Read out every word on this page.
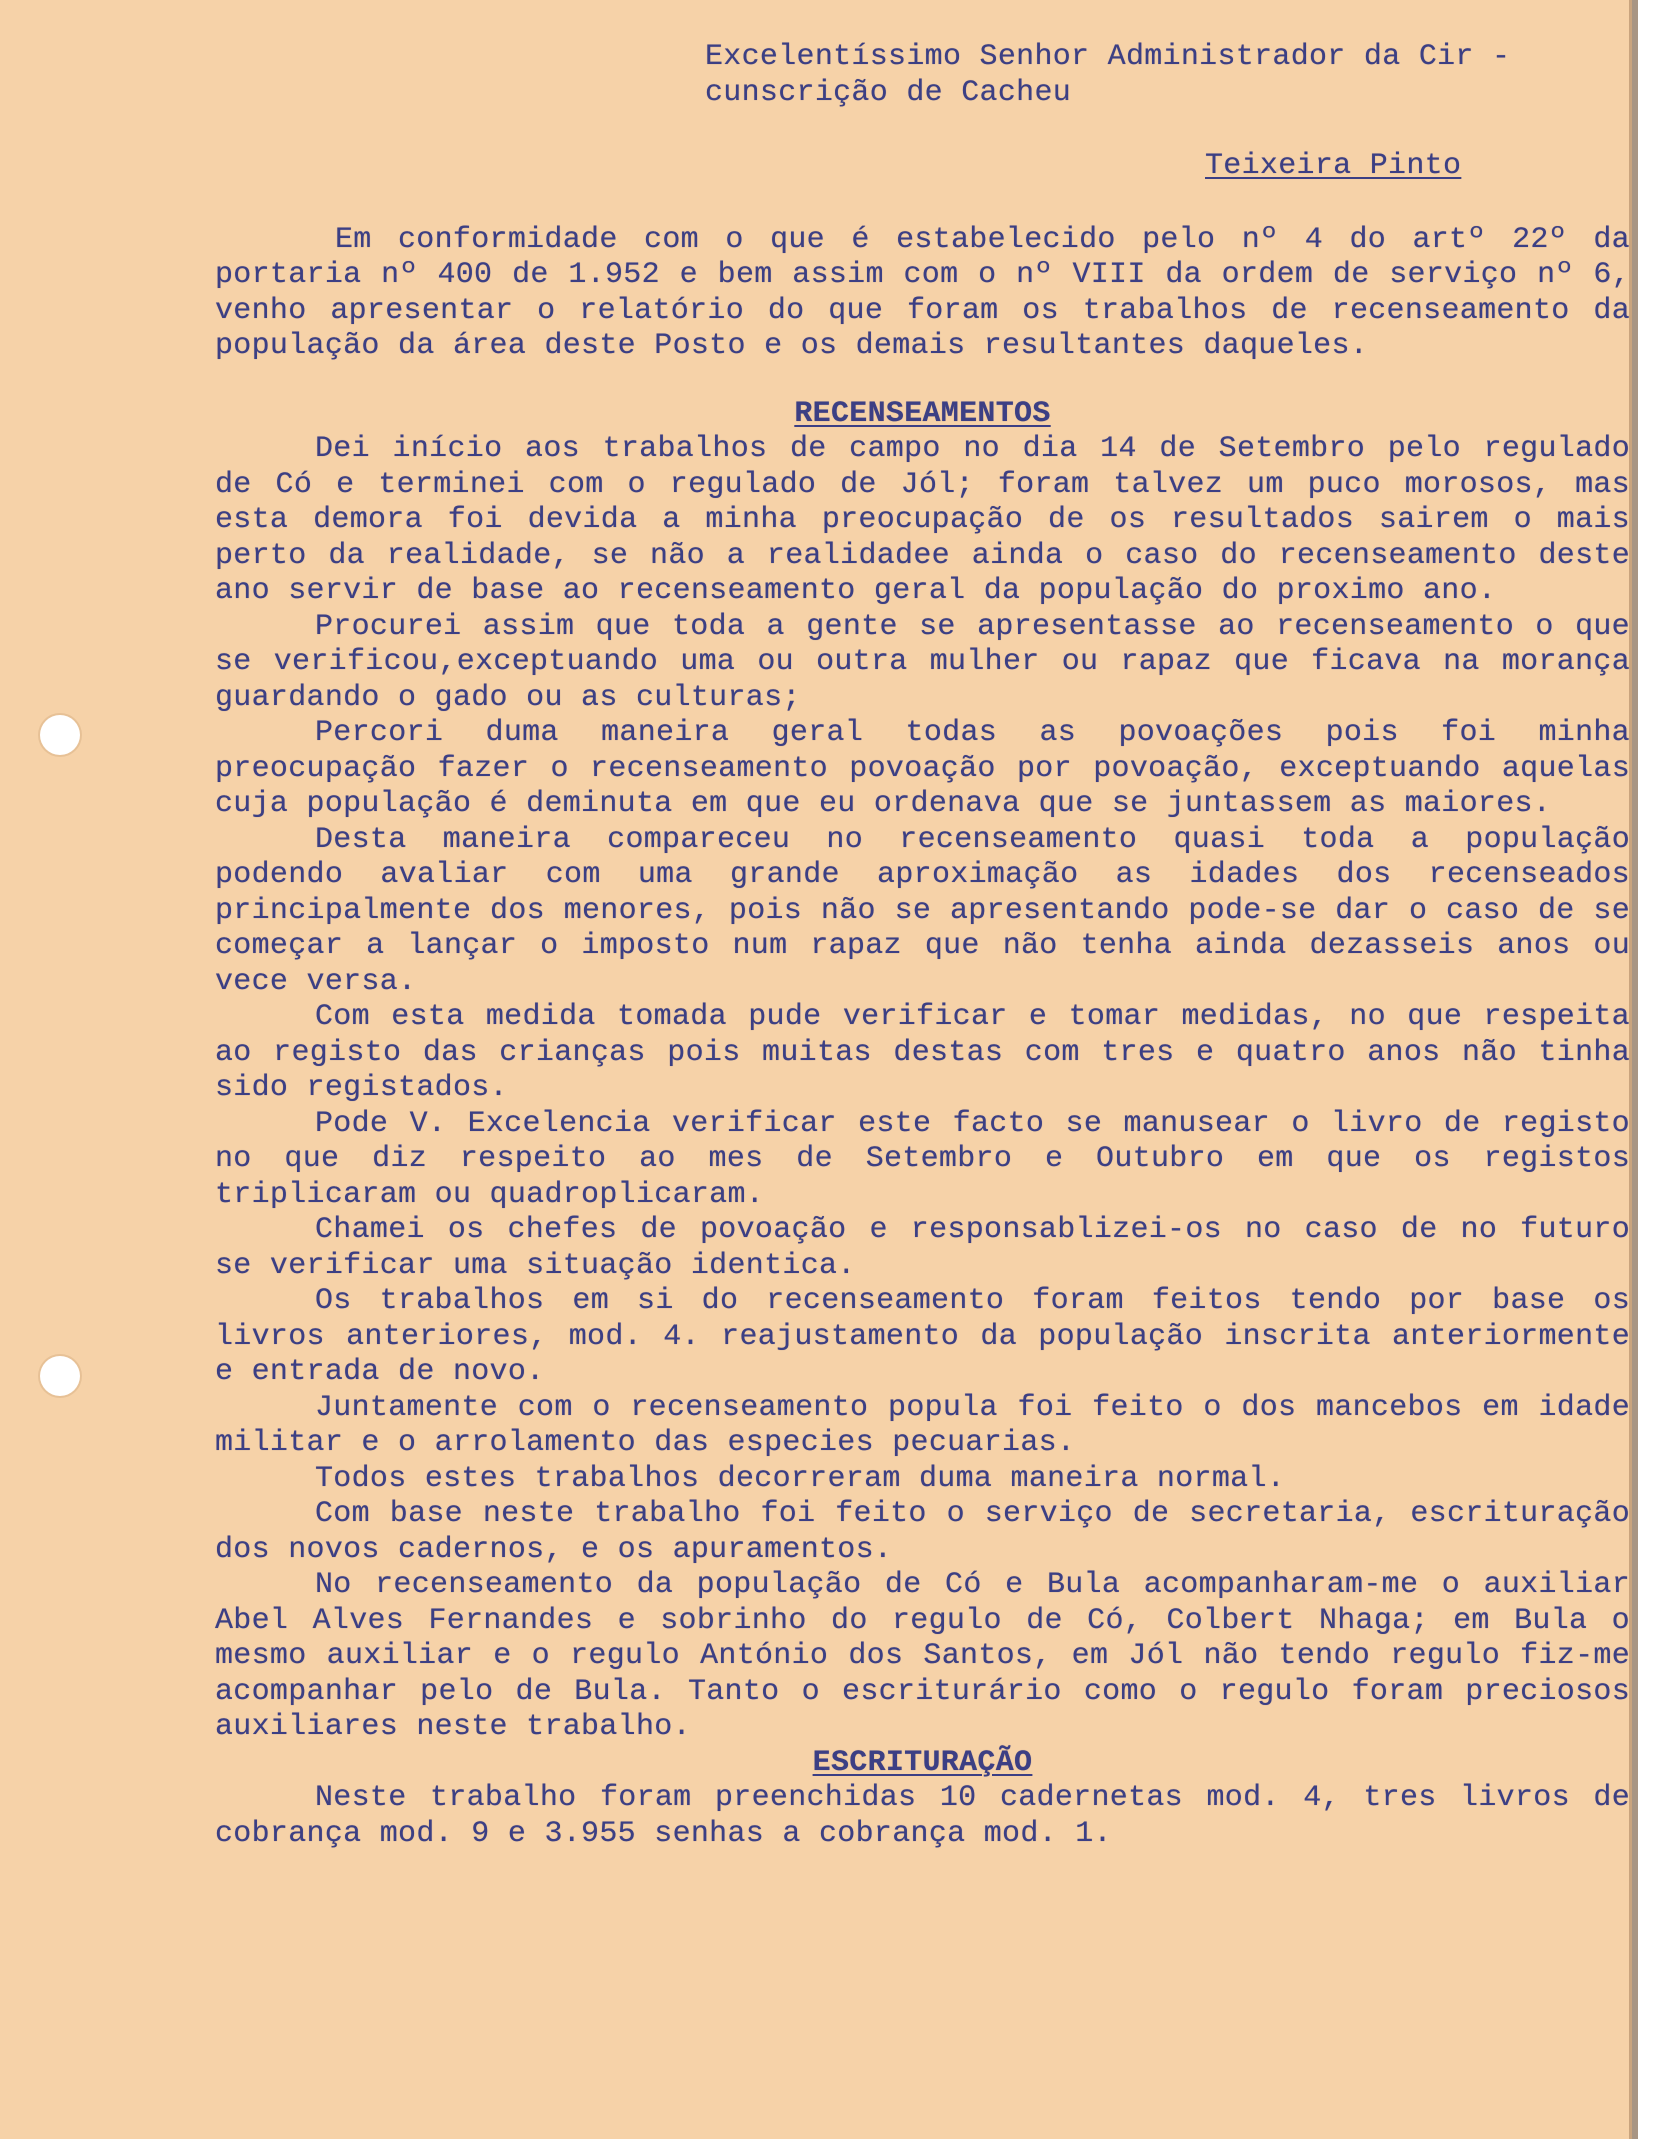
Excelentíssimo Senhor Administrador da Cir - cunscrição de Cacheu
Teixeira Pinto

Em conformidade com o que é estabelecido pelo nº 4 do artº 22º da portaria nº 400 de 1.952 e bem assim com o nº VIII da ordem de serviço nº 6, venho apresentar o relatório do que foram os trabalhos de recenseamento da população da área deste Posto e os demais resultantes daqueles.

RECENSEAMENTOS

Dei início aos trabalhos de campo no dia 14 de Setembro pelo regulado de Có e terminei com o regulado de Jól; foram talvez um puco morosos, mas esta demora foi devida a minha preocupação de os resultados sairem o mais perto da realidade, se não a realidadee ainda o caso do recenseamento deste ano servir de base ao recenseamento geral da população do proximo ano.

Procurei assim que toda a gente se apresentasse ao recenseamento o que se verificou,exceptuando uma ou outra mulher ou rapaz que ficava na morança guardando o gado ou as culturas;

Percori duma maneira geral todas as povoações pois foi minha preocupação fazer o recenseamento povoação por povoação, exceptuando aquelas cuja população é deminuta em que eu ordenava que se juntassem as maiores.

Desta maneira compareceu no recenseamento quasi toda a população podendo avaliar com uma grande aproximação as idades dos recenseados principalmente dos menores, pois não se apresentando pode-se dar o caso de se começar a lançar o imposto num rapaz que não tenha ainda dezasseis anos ou vece versa.

Com esta medida tomada pude verificar e tomar medidas, no que respeita ao registo das crianças pois muitas destas com tres e quatro anos não tinha sido registados.

Pode V. Excelencia verificar este facto se manusear o livro de registo no que diz respeito ao mes de Setembro e Outubro em que os registos triplicaram ou quadroplicaram.

Chamei os chefes de povoação e responsablizei-os no caso de no futuro se verificar uma situação identica.

Os trabalhos em si do recenseamento foram feitos tendo por base os livros anteriores, mod. 4. reajustamento da população inscrita anteriormente e entrada de novo.

Juntamente com o recenseamento popula foi feito o dos mancebos em idade militar e o arrolamento das especies pecuarias.

Todos estes trabalhos decorreram duma maneira normal.

Com base neste trabalho foi feito o serviço de secretaria, escrituração dos novos cadernos, e os apuramentos.

No recenseamento da população de Có e Bula acompanharam-me o auxiliar Abel Alves Fernandes e sobrinho do regulo de Có, Colbert Nhaga; em Bula o mesmo auxiliar e o regulo António dos Santos, em Jól não tendo regulo fiz-me acompanhar pelo de Bula. Tanto o escriturário como o regulo foram preciosos auxiliares neste trabalho.

ESCRITURAÇÃO

Neste trabalho foram preenchidas 10 cadernetas mod. 4, tres livros de cobrança mod. 9 e 3.955 senhas a cobrança mod. 1.
